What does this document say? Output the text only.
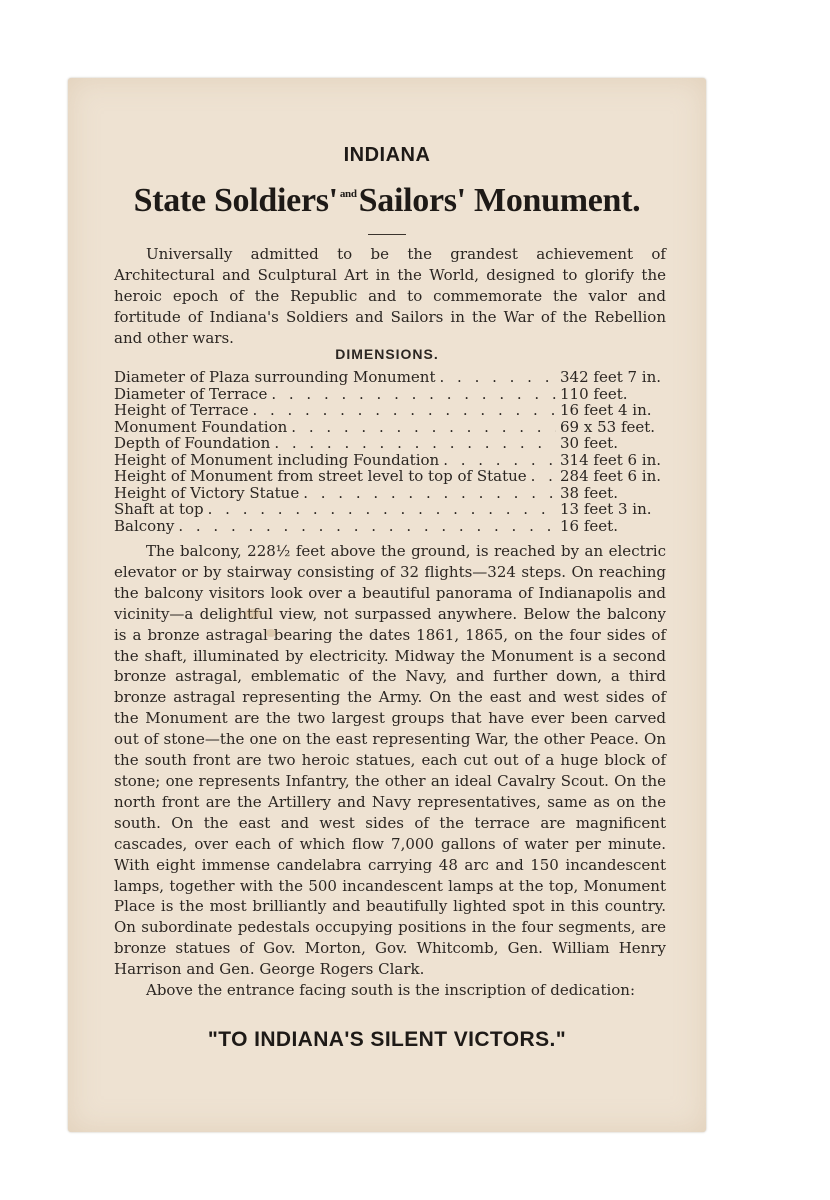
INDIANA
State Soldiers' $^{and}$Sailors' Monument.

Universally admitted to be the grandest achievement of Architectural and Sculptural Art in the World, designed to glorify the heroic epoch of the Republic and to commemorate the valor and fortitude of Indiana's Soldiers and Sailors in the War of the Rebellion and other wars.

DIMENSIONS.
Diameter of Plaza surrounding Monument . . .	342 feet 7 in.
Diameter of Terrace . . .	110 feet.
Height of Terrace . . .	16 feet 4 in.
Monument Foundation . . .	69 x 53 feet.
Depth of Foundation . . .	30 feet.
Height of Monument including Foundation . . .	314 feet 6 in.
Height of Monument from street level to top of Statue . . . 284 feet 6 in.
Height of Victory Statue . . .	38 feet.
Shaft at top . . .	13 feet 3 in.
Balcony . . .	16 feet.

The balcony, 228½ feet above the ground, is reached by an electric elevator or by stairway consisting of 32 flights—324 steps. On reaching the balcony visitors look over a beautiful panorama of Indianapolis and vicinity—a delightful view, not surpassed anywhere. Below the balcony is a bronze astragal bearing the dates 1861, 1865, on the four sides of the shaft, illuminated by electricity. Midway the Monument is a second bronze astragal, emblematic of the Navy, and further down, a third bronze astragal representing the Army. On the east and west sides of the Monument are the two largest groups that have ever been carved out of stone—the one on the east representing War, the other Peace. On the south front are two heroic statues, each cut out of a huge block of stone; one represents Infantry, the other an ideal Cavalry Scout. On the north front are the Artillery and Navy representatives, same as on the south. On the east and west sides of the terrace are magnificent cascades, over each of which flow 7,000 gallons of water per minute. With eight immense candelabra carrying 48 arc and 150 incandescent lamps, together with the 500 incandescent lamps at the top, Monument Place is the most brilliantly and beautifully lighted spot in this country. On subordinate pedestals occupying positions in the four segments, are bronze statues of Gov. Morton, Gov. Whitcomb, Gen. William Henry Harrison and Gen. George Rogers Clark.
Above the entrance facing south is the inscription of dedication:

"TO INDIANA'S SILENT VICTORS."
